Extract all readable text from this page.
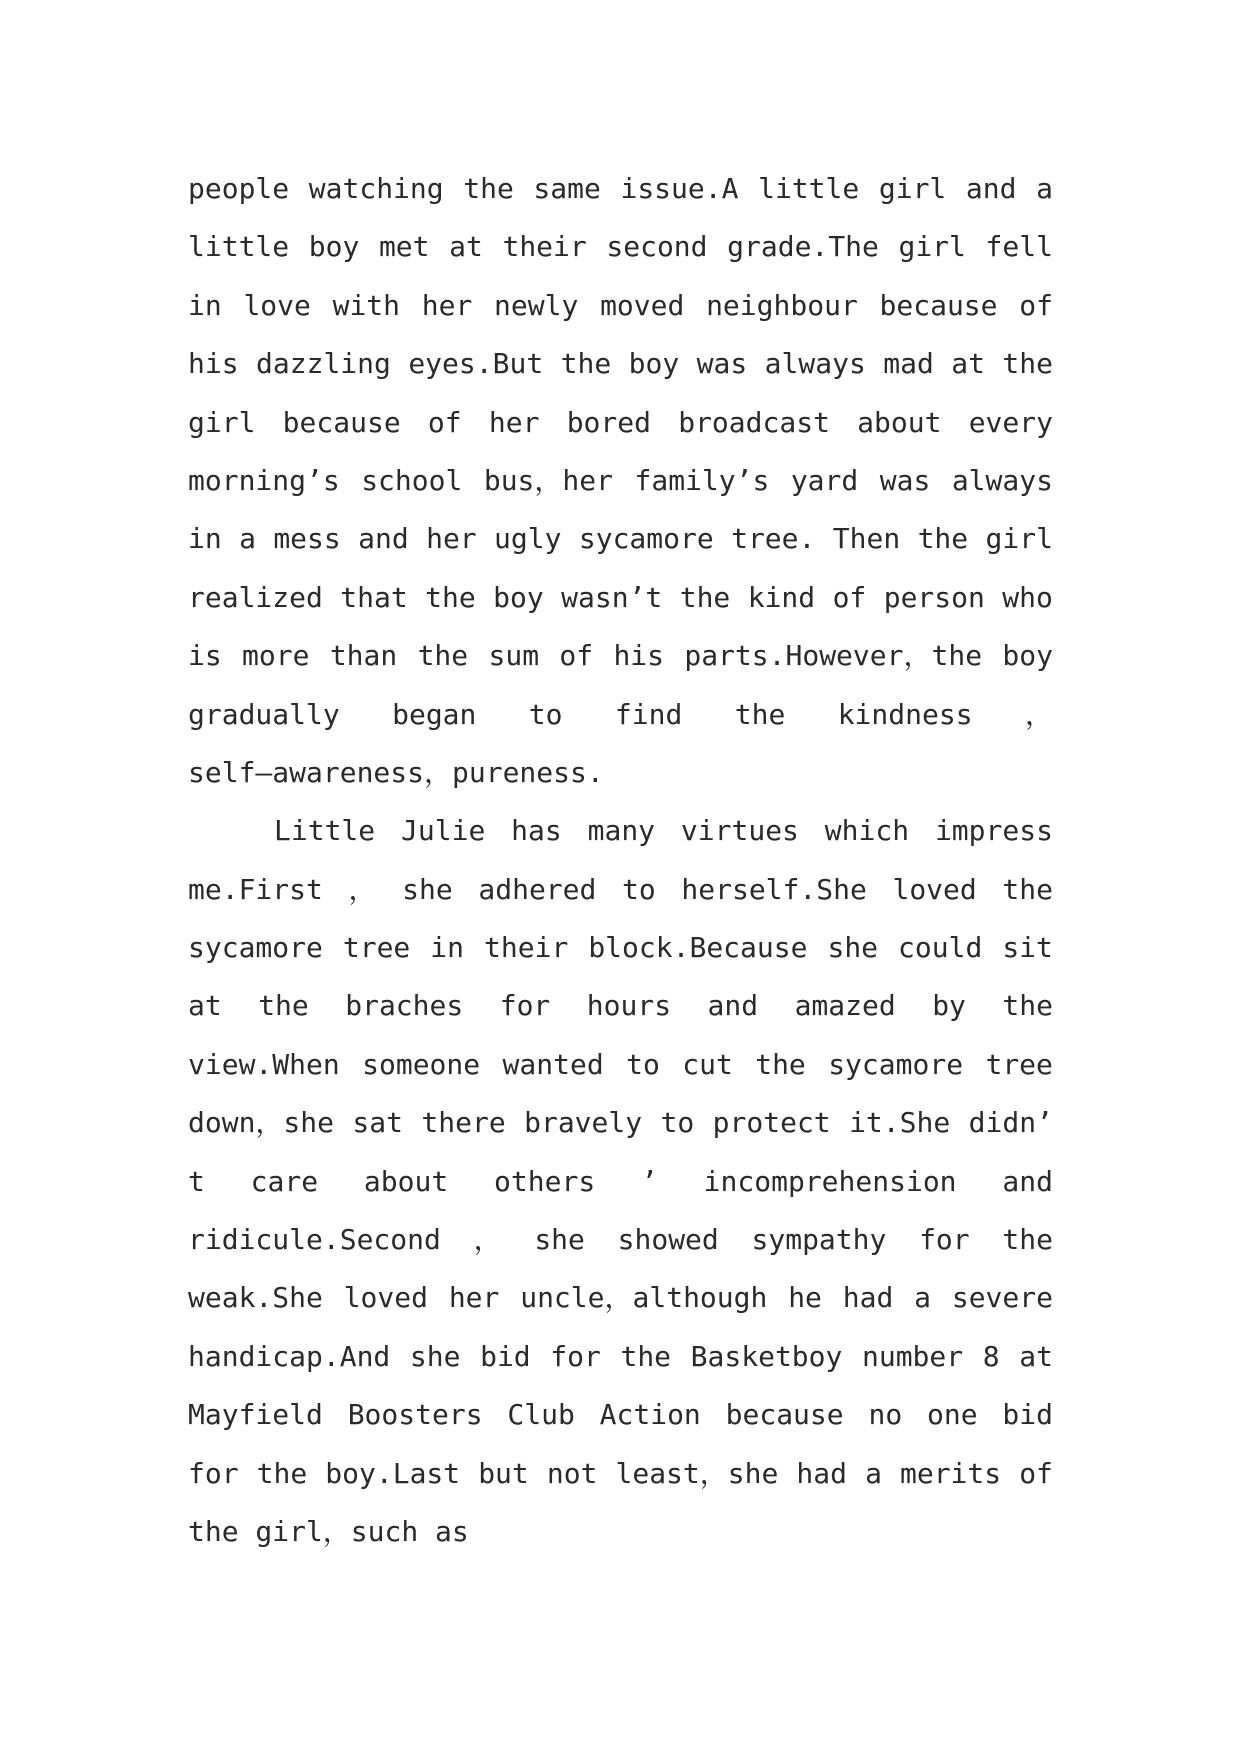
people watching the same issue.A little girl and a
little boy met at their second grade.The girl fell
in love with her newly moved neighbour because of
his dazzling eyes.But the boy was always mad at the
girl because of her bored broadcast about every
morning’s school bus，her family’s yard was always
in a mess and her ugly sycamore tree. Then the girl
realized that the boy wasn’t the kind of person who
is more than the sum of his parts.However，the boy
gradually began to find the kindness ，
self—awareness，pureness.
Little Julie has many virtues which impress
me.First ， she adhered to herself.She loved the
sycamore tree in their block.Because she could sit
at the braches for hours and amazed by the
view.When someone wanted to cut the sycamore tree
down，she sat there bravely to protect it.She didn’
t care about others ’ incomprehension and
ridicule.Second ， she showed sympathy for the
weak.She loved her uncle，although he had a severe
handicap.And she bid for the Basketboy number 8 at
Mayfield Boosters Club Action because no one bid
for the boy.Last but not least，she had a merits of
the girl，such as
